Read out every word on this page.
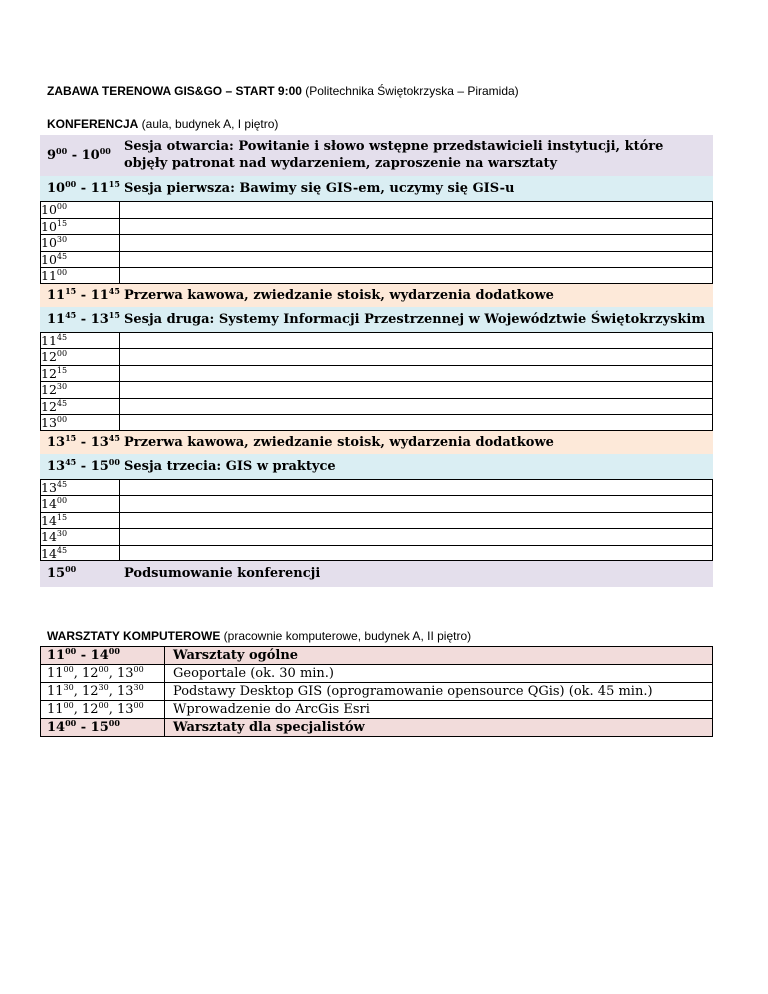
ZABAWA TERENOWA GIS&GO – START 9:00 (Politechnika Świętokrzyska – Piramida)
KONFERENCJA (aula, budynek A, I piętro)
$9^{00} - 10^{00}$	Sesja otwarcia: Powitanie i słowo wstępne przedstawicieli instytucji, które objęły patronat nad wydarzeniem, zaproszenie na warsztaty
$10^{00} - 11^{15}$ Sesja pierwsza: Bawimy się GIS-em, uczymy się GIS-u
$10^{00}$
$10^{15}$
$10^{30}$
$10^{45}$
$11^{00}$
$11^{15} - 11^{45}$ Przerwa kawowa, zwiedzanie stoisk, wydarzenia dodatkowe
$11^{45} - 13^{15}$ Sesja druga: Systemy Informacji Przestrzennej w Województwie Świętokrzyskim
$11^{45}$
$12^{00}$
$12^{15}$
$12^{30}$
$12^{45}$
$13^{00}$
$13^{15} - 13^{45}$ Przerwa kawowa, zwiedzanie stoisk, wydarzenia dodatkowe
$13^{45} - 15^{00}$ Sesja trzecia: GIS w praktyce
$13^{45}$
$14^{00}$
$14^{15}$
$14^{30}$
$14^{45}$
$15^{00}$	Podsumowanie konferencji
WARSZTATY KOMPUTEROWE (pracownie komputerowe, budynek A, II piętro)
$11^{00} - 14^{00}$	Warsztaty ogólne
$11^{00}$, $12^{00}$, $13^{00}$	Geoportale (ok. 30 min.)
$11^{30}$, $12^{30}$, $13^{30}$	Podstawy Desktop GIS (oprogramowanie opensource QGis) (ok. 45 min.)
$11^{00}$, $12^{00}$, $13^{00}$	Wprowadzenie do ArcGis Esri
$14^{00} - 15^{00}$	Warsztaty dla specjalistów
